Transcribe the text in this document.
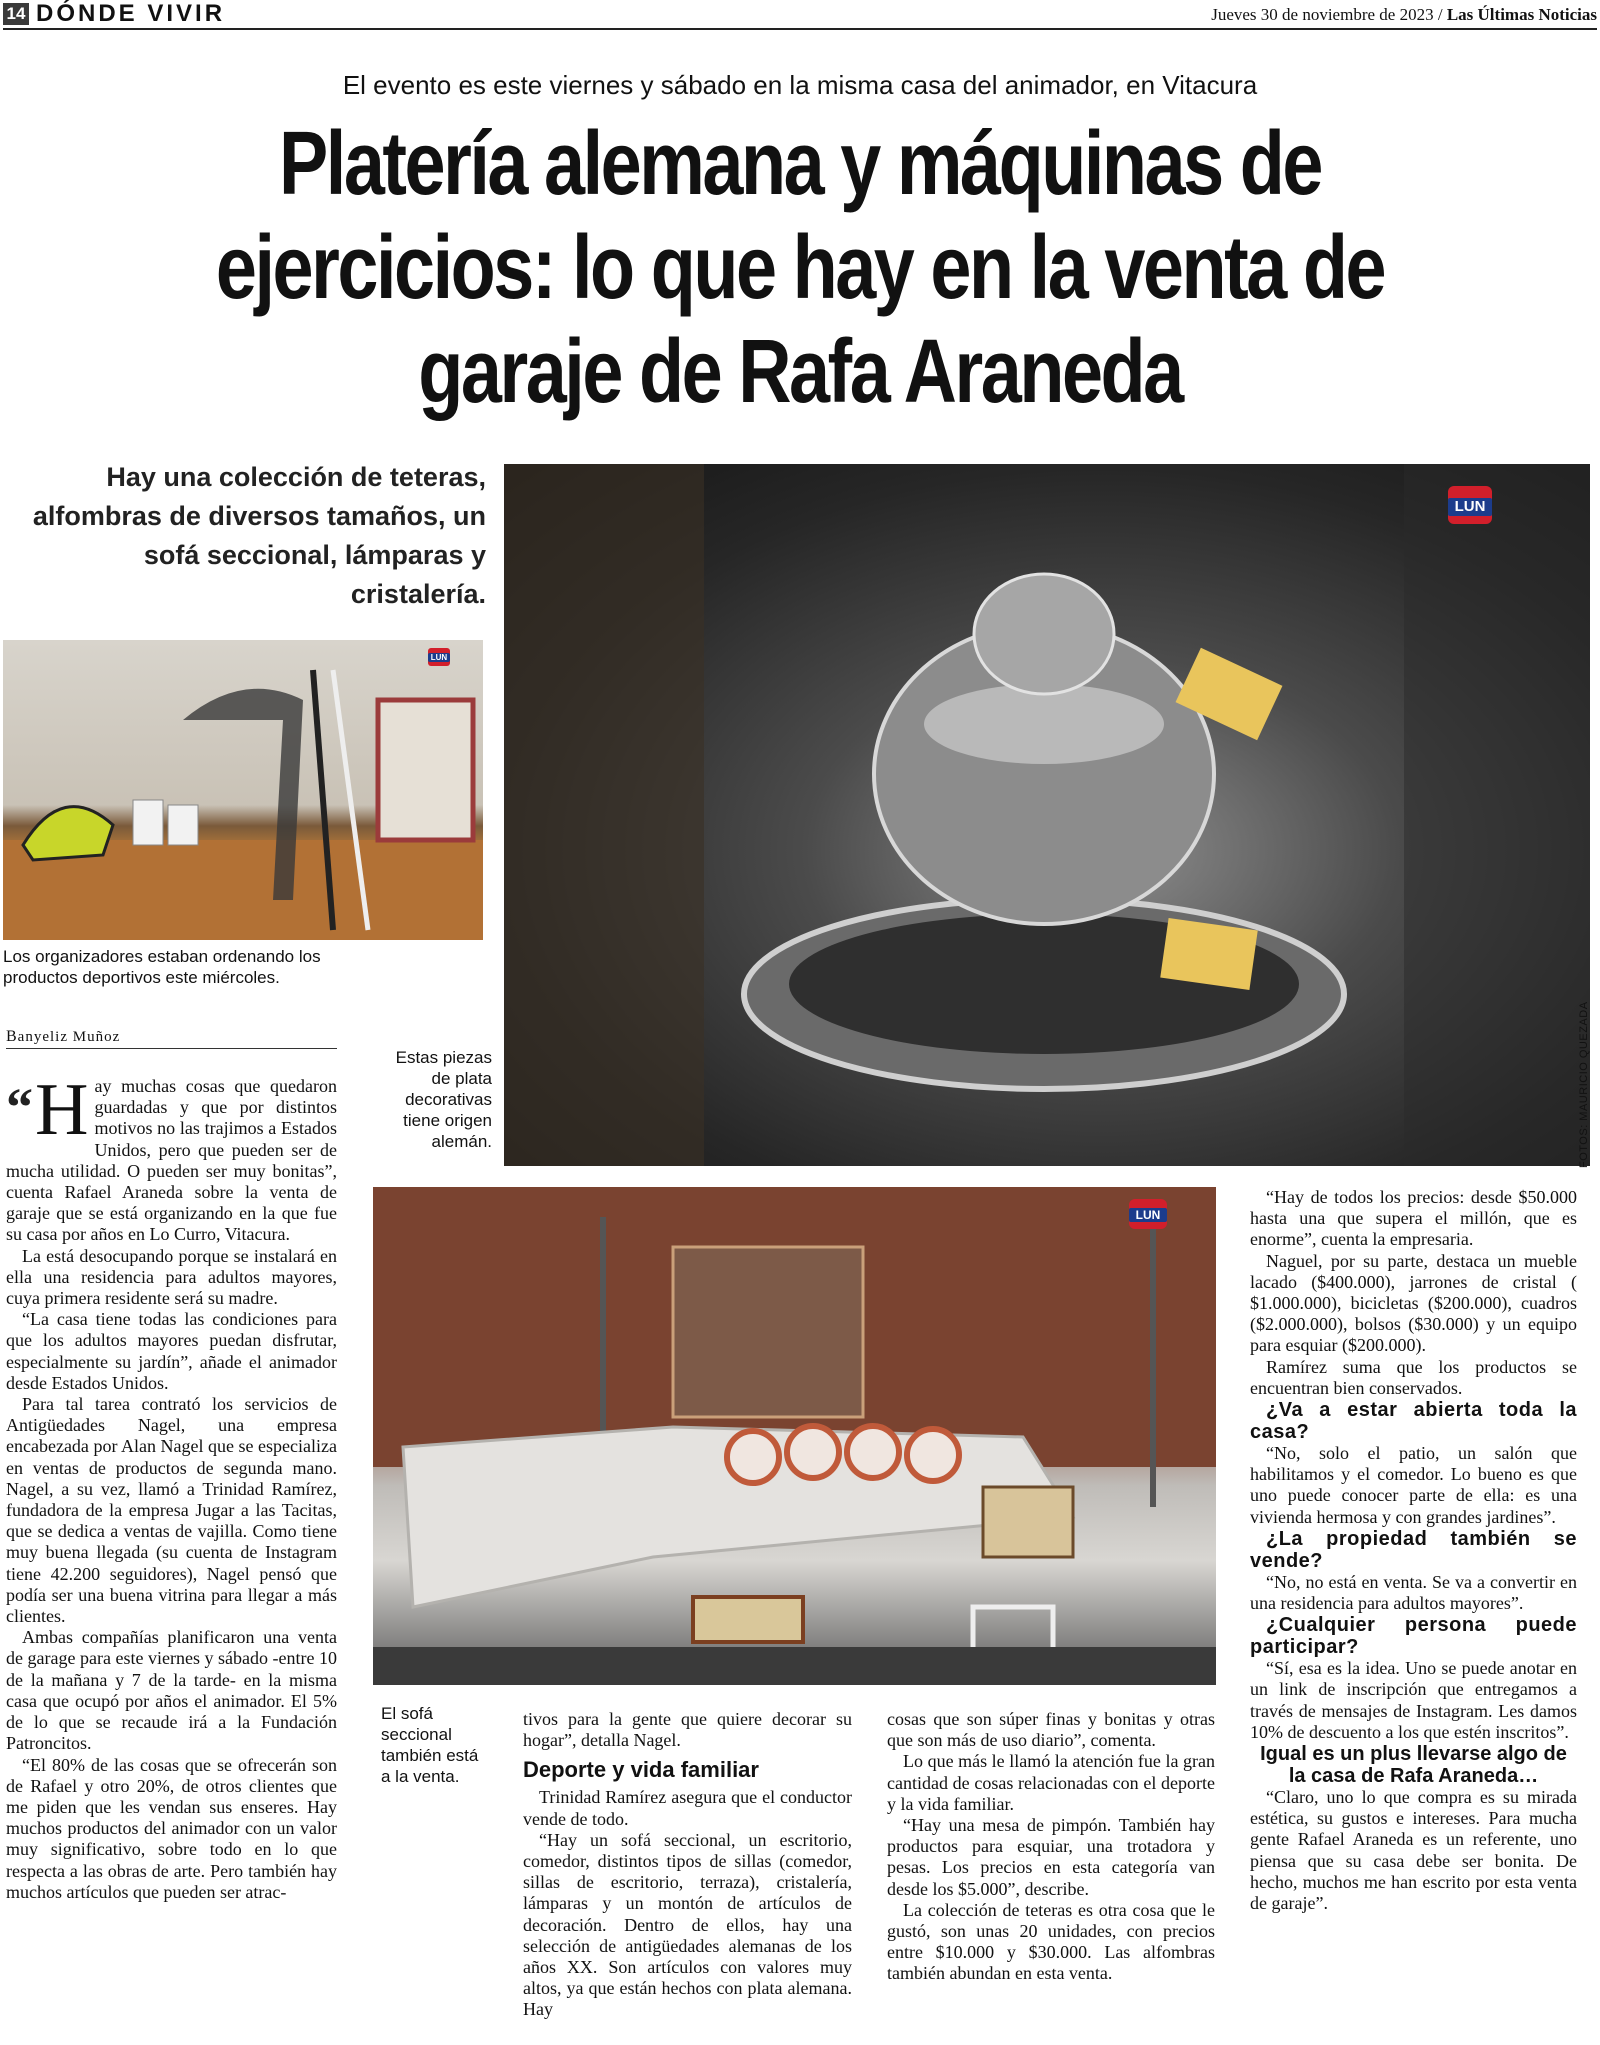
14 DÓNDE VIVIR	Jueves 30 de noviembre de 2023 / Las Últimas Noticias
El evento es este viernes y sábado en la misma casa del animador, en Vitacura
Platería alemana y máquinas de
ejercicios: lo que hay en la venta de
garaje de Rafa Araneda
Hay una colección de teteras, alfombras de diversos tamaños, un sofá seccional, lámparas y cristalería.
LUN
FOTOS: MAURICIO QUEZADA
LUN
Los organizadores estaban ordenando los productos deportivos este miércoles.
Estas piezas de plata decorativas tiene origen alemán.
LUN
El sofá seccional también está a la venta.
Banyeliz Muñoz

“ H ay muchas cosas que quedaron guardadas y que por distintos motivos no las trajimos a Estados Unidos, pero que pueden ser de mucha utilidad. O pueden ser muy bonitas”, cuenta Rafael Araneda sobre la venta de garaje que se está organizando en la que fue su casa por años en Lo Curro, Vitacura.

La está desocupando porque se instalará en ella una residencia para adultos mayores, cuya primera residente será su madre.

“La casa tiene todas las condiciones para que los adultos mayores puedan disfrutar, especialmente su jardín”, añade el animador desde Estados Unidos.

Para tal tarea contrató los servicios de Antigüedades Nagel, una empresa encabezada por Alan Nagel que se especializa en ventas de productos de segunda mano. Nagel, a su vez, llamó a Trinidad Ramírez, fundadora de la empresa Jugar a las Tacitas, que se dedica a ventas de vajilla. Como tiene muy buena llegada (su cuenta de Instagram tiene 42.200 seguidores), Nagel pensó que podía ser una buena vitrina para llegar a más clientes.

Ambas compañías planificaron una venta de garage para este viernes y sábado -entre 10 de la mañana y 7 de la tarde- en la misma casa que ocupó por años el animador. El 5% de lo que se recaude irá a la Fundación Patroncitos.

“El 80% de las cosas que se ofrecerán son de Rafael y otro 20%, de otros clientes que me piden que les vendan sus enseres. Hay muchos productos del animador con un valor muy significativo, sobre todo en lo que respecta a las obras de arte. Pero también hay muchos artículos que pueden ser atrac-

tivos para la gente que quiere decorar su hogar”, detalla Nagel.

Deporte y vida familiar

Trinidad Ramírez asegura que el conductor vende de todo.

“Hay un sofá seccional, un escritorio, comedor, distintos tipos de sillas (comedor, sillas de escritorio, terraza), cristalería, lámparas y un montón de artículos de decoración. Dentro de ellos, hay una selección de antigüedades alemanas de los años XX. Son artículos con valores muy altos, ya que están hechos con plata alemana. Hay

cosas que son súper finas y bonitas y otras que son más de uso diario”, comenta.

Lo que más le llamó la atención fue la gran cantidad de cosas relacionadas con el deporte y la vida familiar.

“Hay una mesa de pimpón. También hay productos para esquiar, una trotadora y pesas. Los precios en esta categoría van desde los $5.000”, describe.

La colección de teteras es otra cosa que le gustó, son unas 20 unidades, con precios entre $10.000 y $30.000. Las alfombras también abundan en esta venta.

“Hay de todos los precios: desde $50.000 hasta una que supera el millón, que es enorme”, cuenta la empresaria.

Naguel, por su parte, destaca un mueble lacado ($400.000), jarrones de cristal ( $1.000.000), bicicletas ($200.000), cuadros ($2.000.000), bolsos ($30.000) y un equipo para esquiar ($200.000).

Ramírez suma que los productos se encuentran bien conservados.

¿Va a estar abierta toda la casa?

“No, solo el patio, un salón que habilitamos y el comedor. Lo bueno es que uno puede conocer parte de ella: es una vivienda hermosa y con grandes jardines”.

¿La propiedad también se vende?

“No, no está en venta. Se va a convertir en una residencia para adultos mayores”.

¿Cualquier persona puede participar?

“Sí, esa es la idea. Uno se puede anotar en un link de inscripción que entregamos a través de mensajes de Instagram. Les damos 10% de descuento a los que estén inscritos”.

Igual es un plus llevarse algo de la casa de Rafa Araneda…

“Claro, uno lo que compra es su mirada estética, su gustos e intereses. Para mucha gente Rafael Araneda es un referente, uno piensa que su casa debe ser bonita. De hecho, muchos me han escrito por esta venta de garaje”.
